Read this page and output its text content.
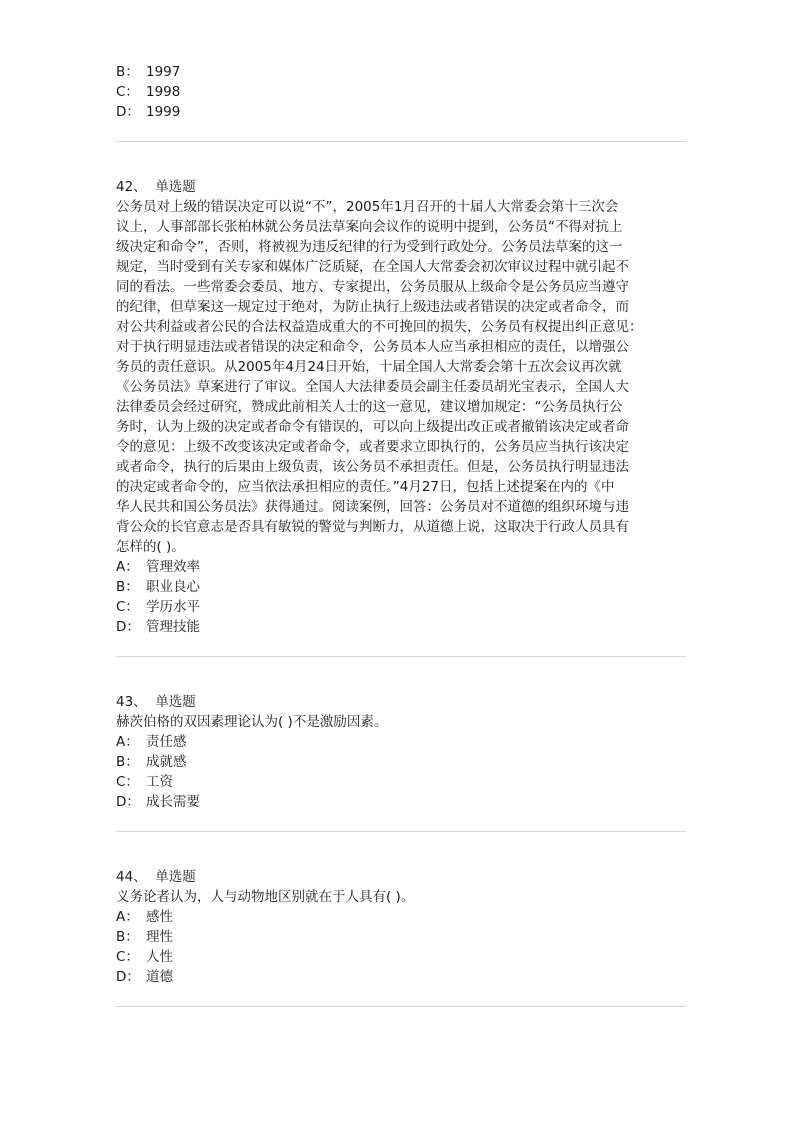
B： 1997
C： 1998
D： 1999
42、 单选题
公务员对上级的错误决定可以说“不”，2005年1月召开的十届人大常委会第十三次会
议上，人事部部长张柏林就公务员法草案向会议作的说明中提到，公务员“不得对抗上
级决定和命令”，否则，将被视为违反纪律的行为受到行政处分。公务员法草案的这一
规定，当时受到有关专家和媒体广泛质疑，在全国人大常委会初次审议过程中就引起不
同的看法。一些常委会委员、地方、专家提出，公务员服从上级命令是公务员应当遵守
的纪律，但草案这一规定过于绝对，为防止执行上级违法或者错误的决定或者命令，而
对公共利益或者公民的合法权益造成重大的不可挽回的损失，公务员有权提出纠正意见：
对于执行明显违法或者错误的决定和命令，公务员本人应当承担相应的责任，以增强公
务员的责任意识。从2005年4月24日开始，十届全国人大常委会第十五次会议再次就
《公务员法》草案进行了审议。全国人大法律委员会副主任委员胡光宝表示，全国人大
法律委员会经过研究，赞成此前相关人士的这一意见，建议增加规定：“公务员执行公
务时，认为上级的决定或者命令有错误的，可以向上级提出改正或者撤销该决定或者命
令的意见：上级不改变该决定或者命令，或者要求立即执行的，公务员应当执行该决定
或者命令，执行的后果由上级负责，该公务员不承担责任。但是，公务员执行明显违法
的决定或者命令的，应当依法承担相应的责任。”4月27日，包括上述提案在内的《中
华人民共和国公务员法》获得通过。阅读案例，回答：公务员对不道德的组织环境与违
背公众的长官意志是否具有敏锐的警觉与判断力，从道德上说，这取决于行政人员具有
怎样的( )。
A： 管理效率
B： 职业良心
C： 学历水平
D： 管理技能
43、 单选题
赫茨伯格的双因素理论认为( )不是激励因素。
A： 责任感
B： 成就感
C： 工资
D： 成长需要
44、 单选题
义务论者认为，人与动物地区别就在于人具有( )。
A： 感性
B： 理性
C： 人性
D： 道德
